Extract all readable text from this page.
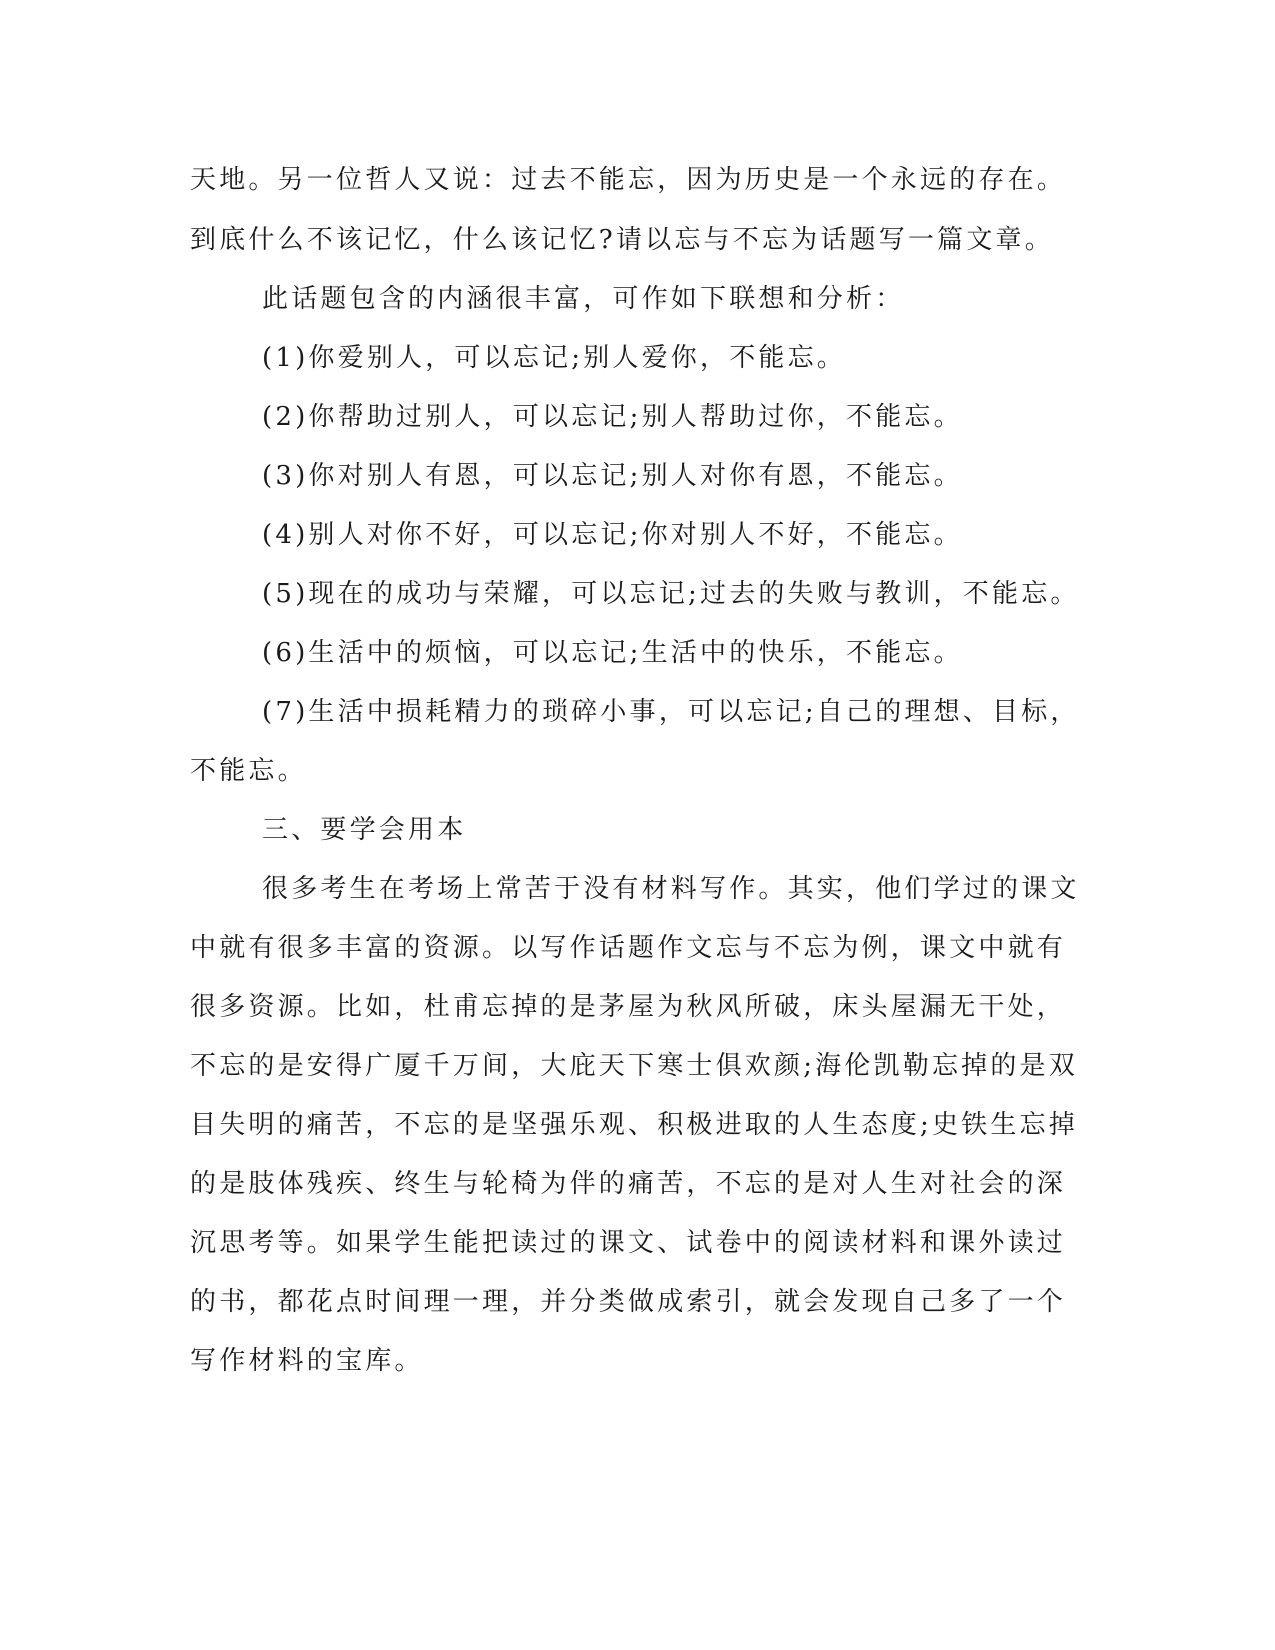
天地。另一位哲人又说：过去不能忘，因为历史是一个永远的存在。

到底什么不该记忆，什么该记忆?请以忘与不忘为话题写一篇文章。

此话题包含的内涵很丰富，可作如下联想和分析：

(1)你爱别人，可以忘记;别人爱你，不能忘。

(2)你帮助过别人，可以忘记;别人帮助过你，不能忘。

(3)你对别人有恩，可以忘记;别人对你有恩，不能忘。

(4)别人对你不好，可以忘记;你对别人不好，不能忘。

(5)现在的成功与荣耀，可以忘记;过去的失败与教训，不能忘。

(6)生活中的烦恼，可以忘记;生活中的快乐，不能忘。

(7)生活中损耗精力的琐碎小事，可以忘记;自己的理想、目标，

不能忘。

三、要学会用本

很多考生在考场上常苦于没有材料写作。其实，他们学过的课文

中就有很多丰富的资源。以写作话题作文忘与不忘为例，课文中就有

很多资源。比如，杜甫忘掉的是茅屋为秋风所破，床头屋漏无干处，

不忘的是安得广厦千万间，大庇天下寒士俱欢颜;海伦凯勒忘掉的是双

目失明的痛苦，不忘的是坚强乐观、积极进取的人生态度;史铁生忘掉

的是肢体残疾、终生与轮椅为伴的痛苦，不忘的是对人生对社会的深

沉思考等。如果学生能把读过的课文、试卷中的阅读材料和课外读过

的书，都花点时间理一理，并分类做成索引，就会发现自己多了一个

写作材料的宝库。
